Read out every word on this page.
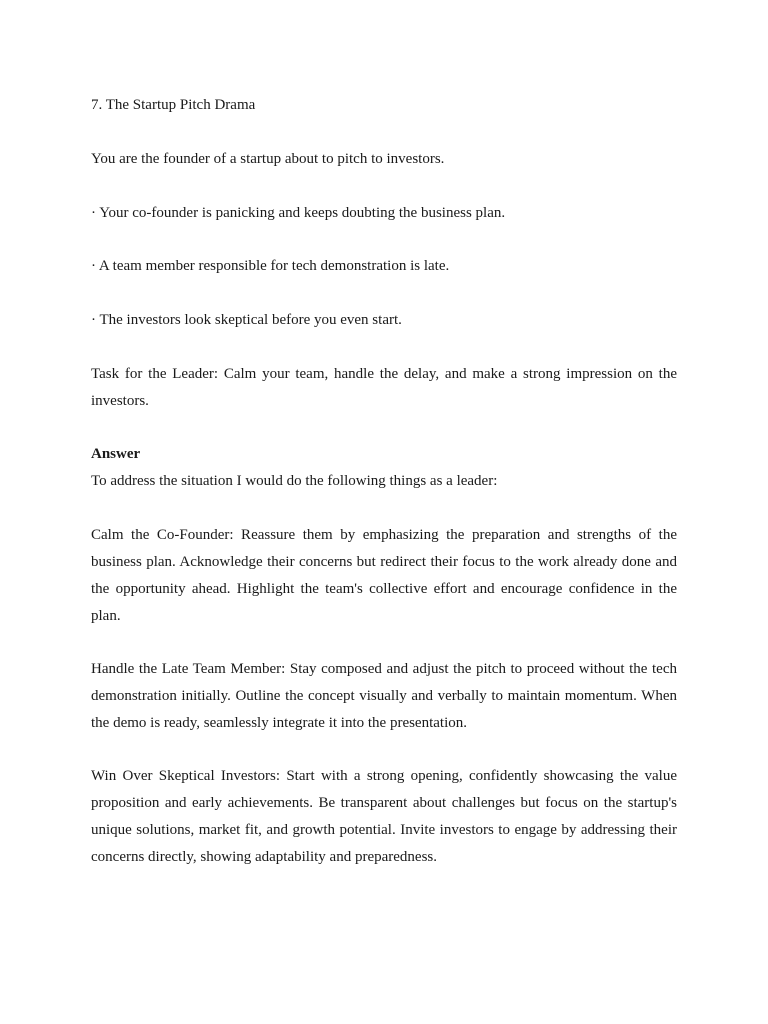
7. The Startup Pitch Drama

You are the founder of a startup about to pitch to investors.

· Your co-founder is panicking and keeps doubting the business plan.

· A team member responsible for tech demonstration is late.

· The investors look skeptical before you even start.

Task for the Leader: Calm your team, handle the delay, and make a strong impression on the investors.

Answer

To address the situation I would do the following things as a leader:

Calm the Co-Founder: Reassure them by emphasizing the preparation and strengths of the business plan. Acknowledge their concerns but redirect their focus to the work already done and the opportunity ahead. Highlight the team's collective effort and encourage confidence in the plan.

Handle the Late Team Member: Stay composed and adjust the pitch to proceed without the tech demonstration initially. Outline the concept visually and verbally to maintain momentum. When the demo is ready, seamlessly integrate it into the presentation.

Win Over Skeptical Investors: Start with a strong opening, confidently showcasing the value proposition and early achievements. Be transparent about challenges but focus on the startup's unique solutions, market fit, and growth potential. Invite investors to engage by addressing their concerns directly, showing adaptability and preparedness.
